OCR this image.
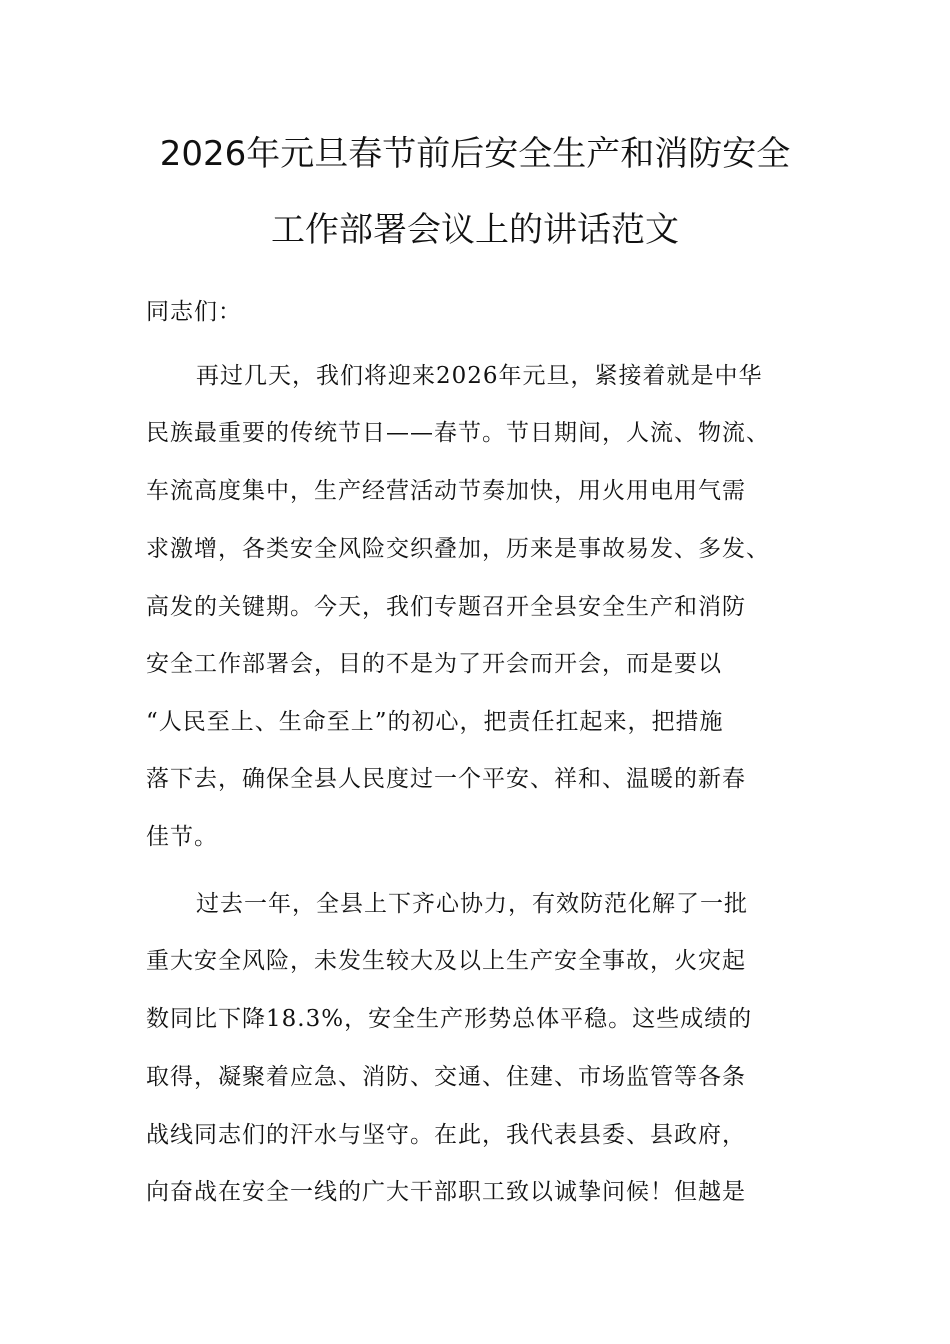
2026年元旦春节前后安全生产和消防安全
工作部署会议上的讲话范文
同志们：
再过几天，我们将迎来2026年元旦，紧接着就是中华
民族最重要的传统节日——春节。节日期间，人流、物流、
车流高度集中，生产经营活动节奏加快，用火用电用气需
求激增，各类安全风险交织叠加，历来是事故易发、多发、
高发的关键期。今天，我们专题召开全县安全生产和消防
安全工作部署会，目的不是为了开会而开会，而是要以
“人民至上、生命至上”的初心，把责任扛起来，把措施
落下去，确保全县人民度过一个平安、祥和、温暖的新春
佳节。
过去一年，全县上下齐心协力，有效防范化解了一批
重大安全风险，未发生较大及以上生产安全事故，火灾起
数同比下降18.3%，安全生产形势总体平稳。这些成绩的
取得，凝聚着应急、消防、交通、住建、市场监管等各条
战线同志们的汗水与坚守。在此，我代表县委、县政府，
向奋战在安全一线的广大干部职工致以诚挚问候！但越是
